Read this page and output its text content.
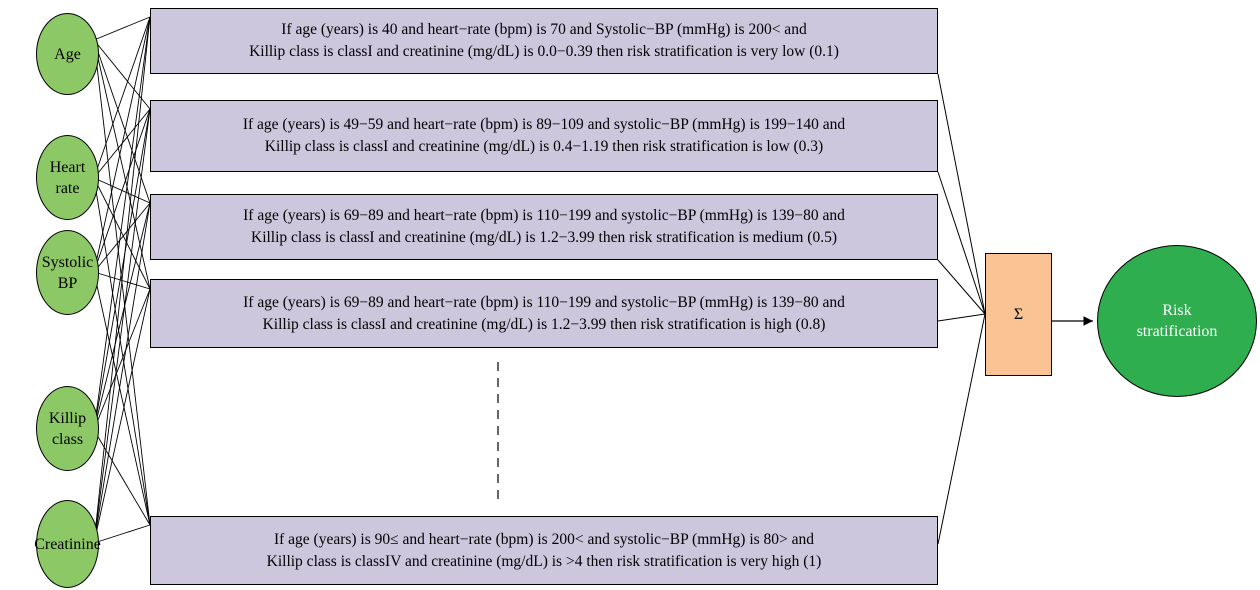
Age
Heart
rate
Systolic
BP
Killip
class
Creatinine
If age (years) is 40 and heart−rate (bpm) is 70 and Systolic−BP (mmHg) is 200< and
Killip class is classI and creatinine (mg/dL) is 0.0−0.39 then risk stratification is very low (0.1)
If age (years) is 49−59 and heart−rate (bpm) is 89−109 and systolic−BP (mmHg) is 199−140 and
Killip class is classI and creatinine (mg/dL) is 0.4−1.19 then risk stratification is low (0.3)
If age (years) is 69−89 and heart−rate (bpm) is 110−199 and systolic−BP (mmHg) is 139−80 and
Killip class is classI and creatinine (mg/dL) is 1.2−3.99 then risk stratification is medium (0.5)
If age (years) is 69−89 and heart−rate (bpm) is 110−199 and systolic−BP (mmHg) is 139−80 and
Killip class is classI and creatinine (mg/dL) is 1.2−3.99 then risk stratification is high (0.8)
If age (years) is 90≤ and heart−rate (bpm) is 200< and systolic−BP (mmHg) is 80> and
Killip class is classIV and creatinine (mg/dL) is >4 then risk stratification is very high (1)
Σ	Risk
stratification
